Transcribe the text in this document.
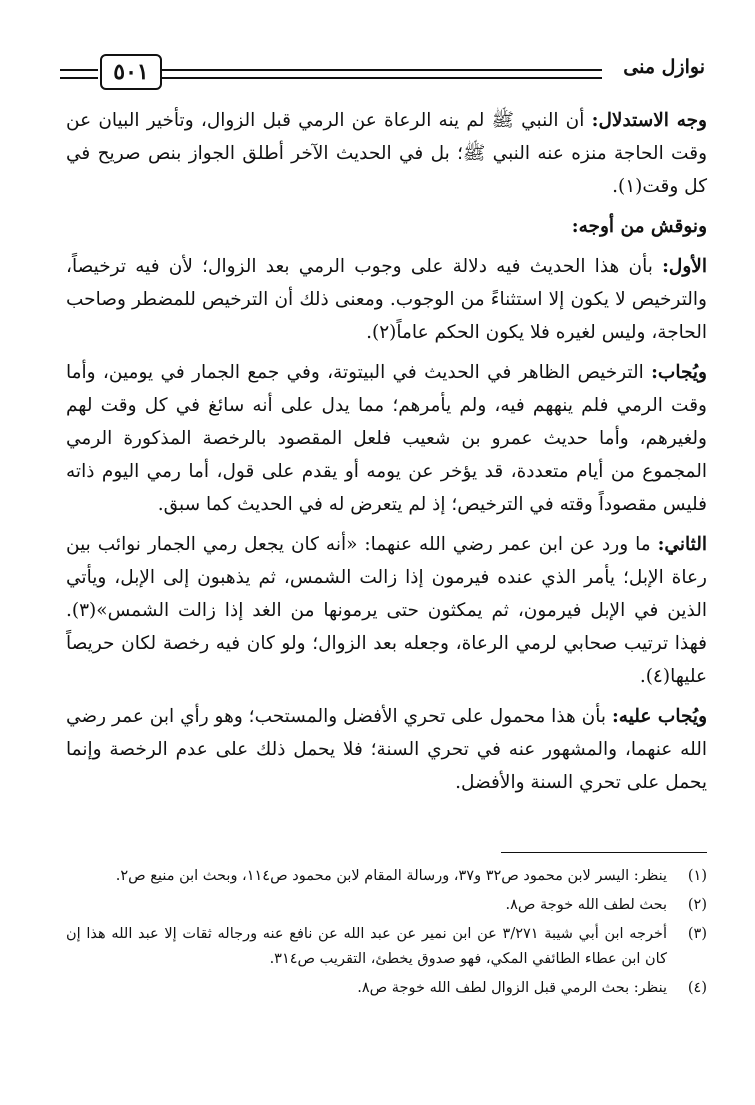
نوازل منى
٥٠١

وجه الاستدلال: أن النبي ﷺ لم ينه الرعاة عن الرمي قبل الزوال، وتأخير البيان عن وقت الحاجة منزه عنه النبي ﷺ؛ بل في الحديث الآخر أطلق الجواز بنص صريح في كل وقت(١).

ونوقش من أوجه:

الأول: بأن هذا الحديث فيه دلالة على وجوب الرمي بعد الزوال؛ لأن فيه ترخيصاً، والترخيص لا يكون إلا استثناءً من الوجوب. ومعنى ذلك أن الترخيص للمضطر وصاحب الحاجة، وليس لغيره فلا يكون الحكم عاماً(٢).

ويُجاب: الترخيص الظاهر في الحديث في البيتوتة، وفي جمع الجمار في يومين، وأما وقت الرمي فلم ينههم فيه، ولم يأمرهم؛ مما يدل على أنه سائغ في كل وقت لهم ولغيرهم، وأما حديث عمرو بن شعيب فلعل المقصود بالرخصة المذكورة الرمي المجموع من أيام متعددة، قد يؤخر عن يومه أو يقدم على قول، أما رمي اليوم ذاته فليس مقصوداً وقته في الترخيص؛ إذ لم يتعرض له في الحديث كما سبق.

الثاني: ما ورد عن ابن عمر رضي الله عنهما: «أنه كان يجعل رمي الجمار نوائب بين رعاة الإبل؛ يأمر الذي عنده فيرمون إذا زالت الشمس، ثم يذهبون إلى الإبل، ويأتي الذين في الإبل فيرمون، ثم يمكثون حتى يرمونها من الغد إذا زالت الشمس»(٣). فهذا ترتيب صحابي لرمي الرعاة، وجعله بعد الزوال؛ ولو كان فيه رخصة لكان حريصاً عليها(٤).

ويُجاب عليه: بأن هذا محمول على تحري الأفضل والمستحب؛ وهو رأي ابن عمر رضي الله عنهما، والمشهور عنه في تحري السنة؛ فلا يحمل ذلك على عدم الرخصة وإنما يحمل على تحري السنة والأفضل.

(١)
ينظر: اليسر لابن محمود ص٣٢ و٣٧، ورسالة المقام لابن محمود ص١١٤، وبحث ابن منيع ص٢.
(٢)
بحث لطف الله خوجة ص٨.
(٣)
أخرجه ابن أبي شيبة ٣/٢٧١ عن ابن نمير عن عبد الله عن نافع عنه ورجاله ثقات إلا عبد الله هذا إن كان ابن عطاء الطائفي المكي، فهو صدوق يخطئ، التقريب ص٣١٤.
(٤)
ينظر: بحث الرمي قبل الزوال لطف الله خوجة ص٨.
